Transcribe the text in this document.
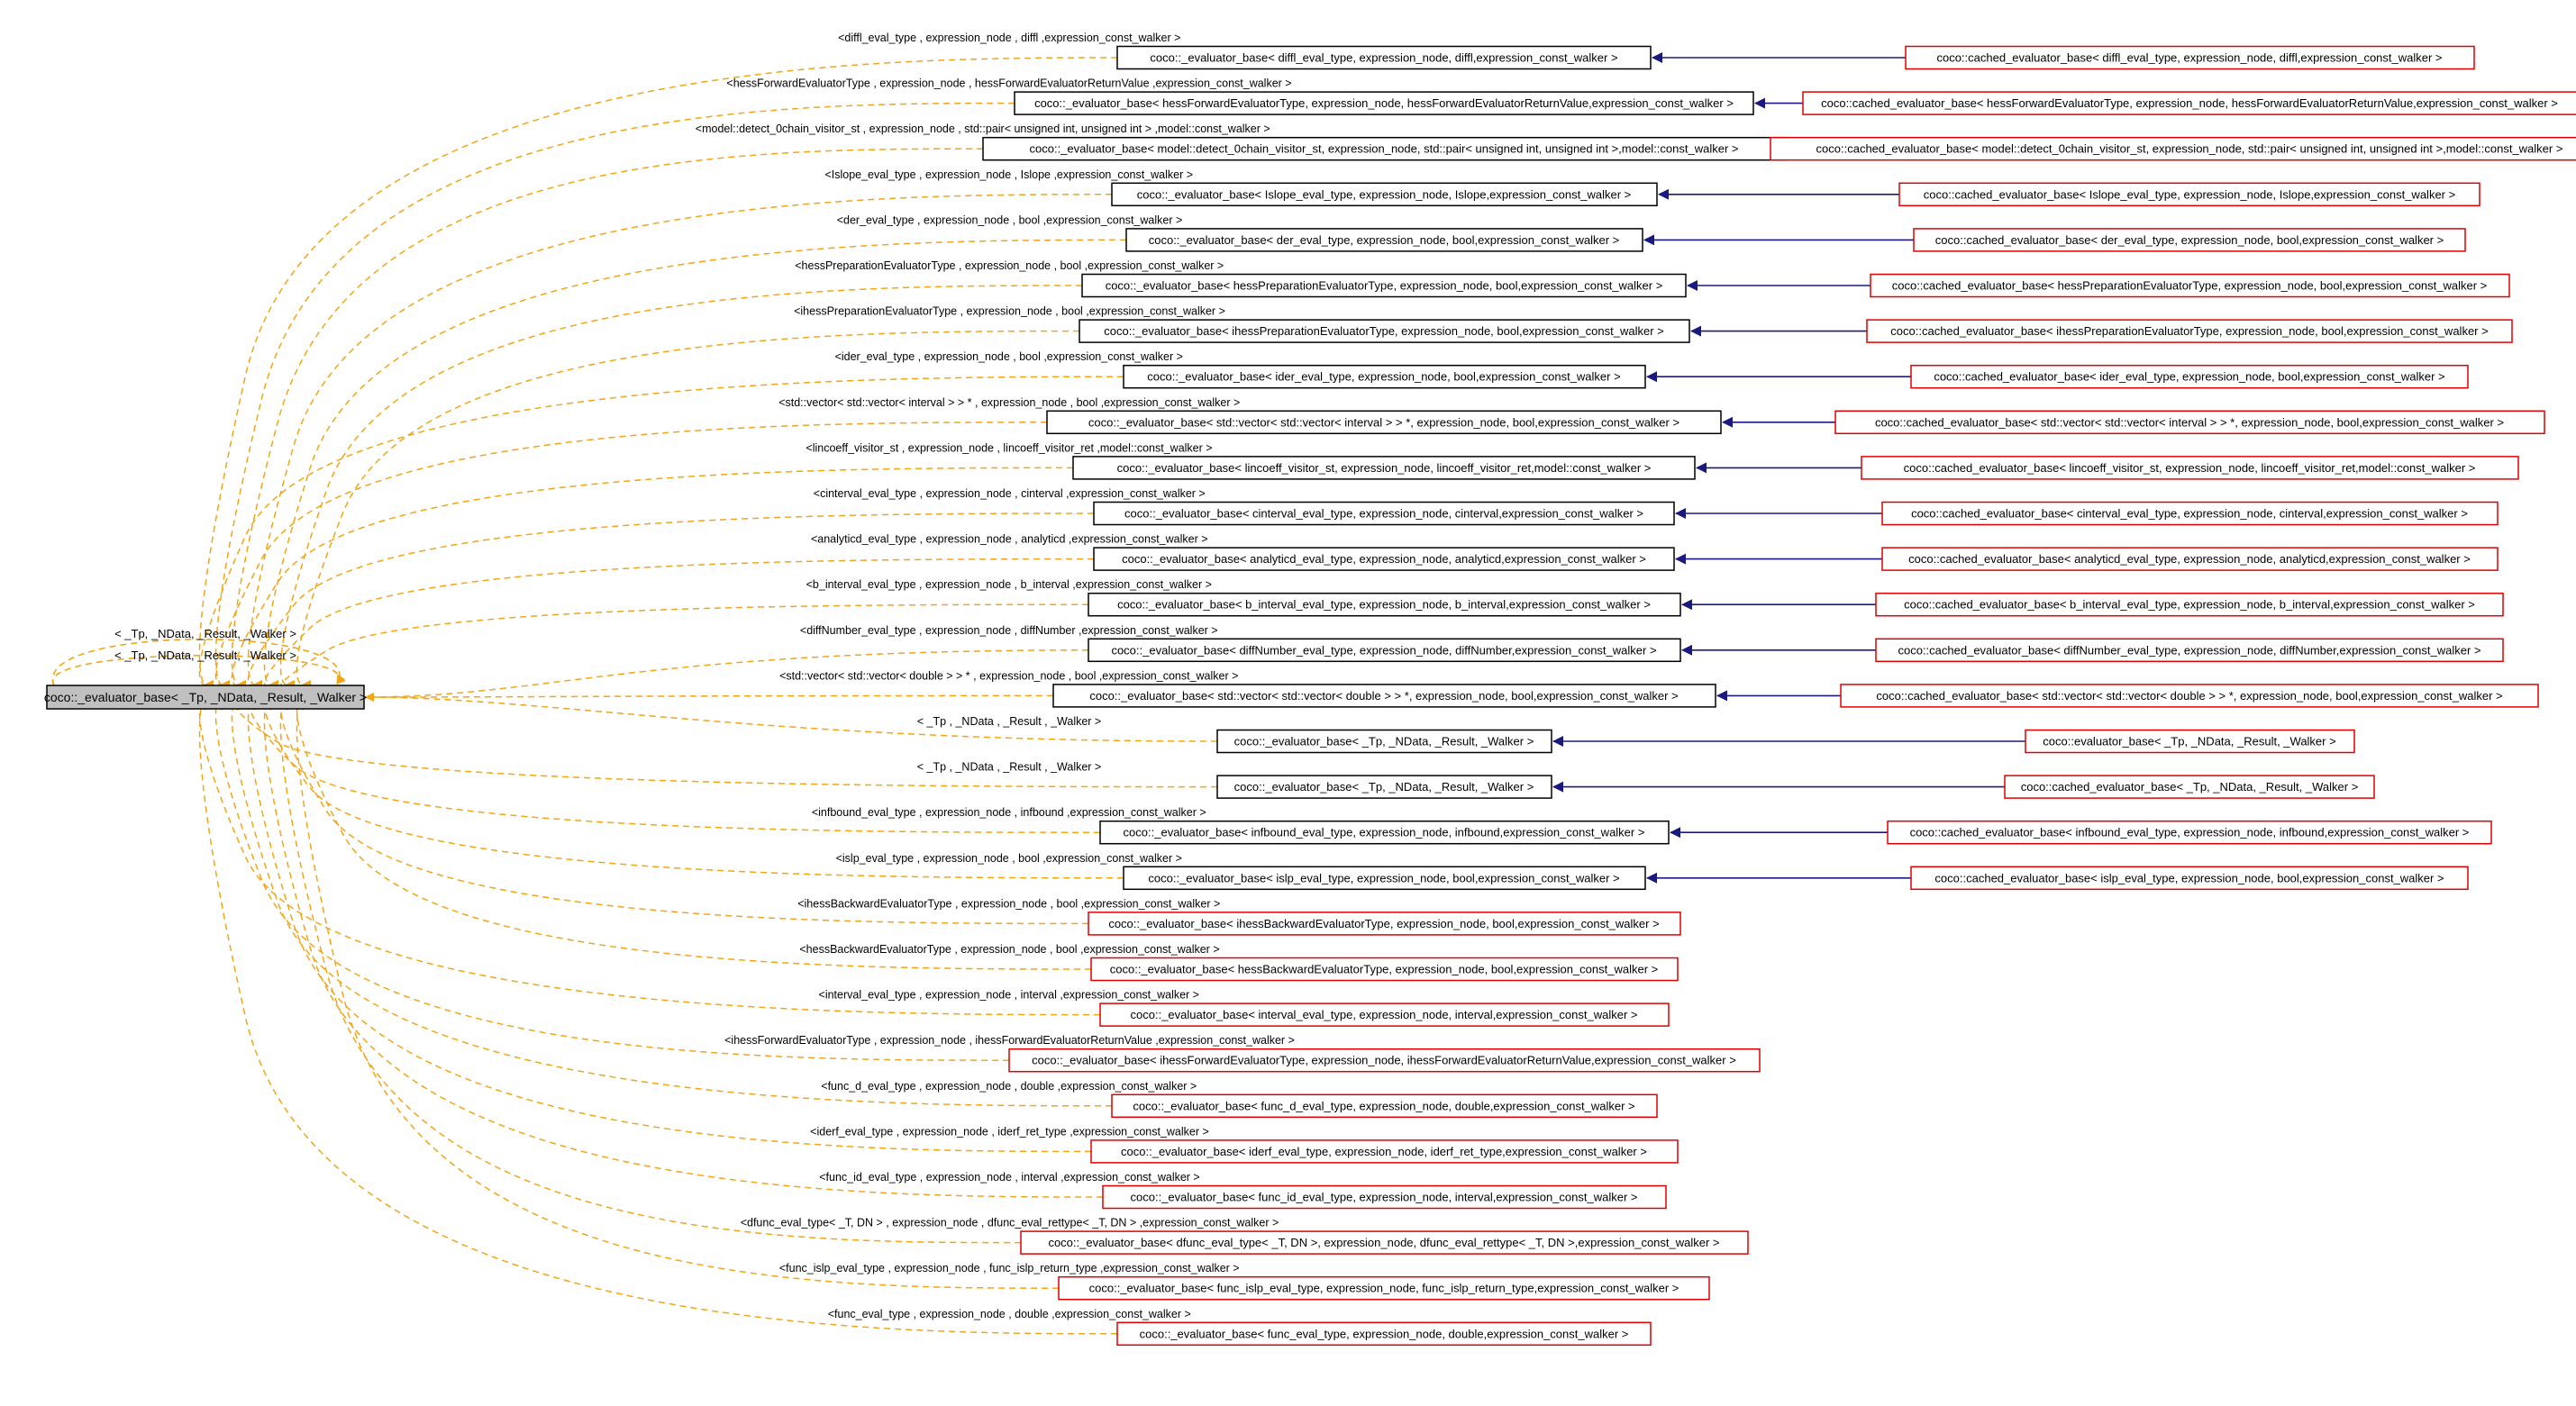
< _Tp, _NData, _Result, _Walker >
< _Tp, _NData, _Result, _Walker >
<diffl_eval_type , expression_node , diffl ,expression_const_walker >
<hessForwardEvaluatorType , expression_node , hessForwardEvaluatorReturnValue ,expression_const_walker >
<model::detect_0chain_visitor_st , expression_node , std::pair< unsigned int, unsigned int > ,model::const_walker >
<Islope_eval_type , expression_node , Islope ,expression_const_walker >
<der_eval_type , expression_node , bool ,expression_const_walker >
<hessPreparationEvaluatorType , expression_node , bool ,expression_const_walker >
<ihessPreparationEvaluatorType , expression_node , bool ,expression_const_walker >
<ider_eval_type , expression_node , bool ,expression_const_walker >
<std::vector< std::vector< interval > > * , expression_node , bool ,expression_const_walker >
<lincoeff_visitor_st , expression_node , lincoeff_visitor_ret ,model::const_walker >
<cinterval_eval_type , expression_node , cinterval ,expression_const_walker >
<analyticd_eval_type , expression_node , analyticd ,expression_const_walker >
<b_interval_eval_type , expression_node , b_interval ,expression_const_walker >
<diffNumber_eval_type , expression_node , diffNumber ,expression_const_walker >
<std::vector< std::vector< double > > * , expression_node , bool ,expression_const_walker >
< _Tp , _NData , _Result , _Walker >
< _Tp , _NData , _Result , _Walker >
<infbound_eval_type , expression_node , infbound ,expression_const_walker >
<islp_eval_type , expression_node , bool ,expression_const_walker >
<ihessBackwardEvaluatorType , expression_node , bool ,expression_const_walker >
<hessBackwardEvaluatorType , expression_node , bool ,expression_const_walker >
<interval_eval_type , expression_node , interval ,expression_const_walker >
<ihessForwardEvaluatorType , expression_node , ihessForwardEvaluatorReturnValue ,expression_const_walker >
<func_d_eval_type , expression_node , double ,expression_const_walker >
<iderf_eval_type , expression_node , iderf_ret_type ,expression_const_walker >
<func_id_eval_type , expression_node , interval ,expression_const_walker >
<dfunc_eval_type< _T, DN > , expression_node , dfunc_eval_rettype< _T, DN > ,expression_const_walker >
<func_islp_eval_type , expression_node , func_islp_return_type ,expression_const_walker >
<func_eval_type , expression_node , double ,expression_const_walker >
coco::_evaluator_base< diffl_eval_type, expression_node, diffl,expression_const_walker >	coco::cached_evaluator_base< diffl_eval_type, expression_node, diffl,expression_const_walker >
coco::_evaluator_base< hessForwardEvaluatorType, expression_node, hessForwardEvaluatorReturnValue,expression_const_walker >	coco::cached_evaluator_base< hessForwardEvaluatorType, expression_node, hessForwardEvaluatorReturnValue,expression_const_walker >
coco::_evaluator_base< model::detect_0chain_visitor_st, expression_node, std::pair< unsigned int, unsigned int >,model::const_walker >	coco::cached_evaluator_base< model::detect_0chain_visitor_st, expression_node, std::pair< unsigned int, unsigned int >,model::const_walker >
coco::_evaluator_base< Islope_eval_type, expression_node, Islope,expression_const_walker >	coco::cached_evaluator_base< Islope_eval_type, expression_node, Islope,expression_const_walker >
coco::_evaluator_base< der_eval_type, expression_node, bool,expression_const_walker >	coco::cached_evaluator_base< der_eval_type, expression_node, bool,expression_const_walker >
coco::_evaluator_base< hessPreparationEvaluatorType, expression_node, bool,expression_const_walker >	coco::cached_evaluator_base< hessPreparationEvaluatorType, expression_node, bool,expression_const_walker >
coco::_evaluator_base< ihessPreparationEvaluatorType, expression_node, bool,expression_const_walker >	coco::cached_evaluator_base< ihessPreparationEvaluatorType, expression_node, bool,expression_const_walker >
coco::_evaluator_base< ider_eval_type, expression_node, bool,expression_const_walker >	coco::cached_evaluator_base< ider_eval_type, expression_node, bool,expression_const_walker >
coco::_evaluator_base< std::vector< std::vector< interval > > *, expression_node, bool,expression_const_walker >	coco::cached_evaluator_base< std::vector< std::vector< interval > > *, expression_node, bool,expression_const_walker >
coco::_evaluator_base< lincoeff_visitor_st, expression_node, lincoeff_visitor_ret,model::const_walker >	coco::cached_evaluator_base< lincoeff_visitor_st, expression_node, lincoeff_visitor_ret,model::const_walker >
coco::_evaluator_base< cinterval_eval_type, expression_node, cinterval,expression_const_walker >	coco::cached_evaluator_base< cinterval_eval_type, expression_node, cinterval,expression_const_walker >
coco::_evaluator_base< analyticd_eval_type, expression_node, analyticd,expression_const_walker >	coco::cached_evaluator_base< analyticd_eval_type, expression_node, analyticd,expression_const_walker >
coco::_evaluator_base< b_interval_eval_type, expression_node, b_interval,expression_const_walker >	coco::cached_evaluator_base< b_interval_eval_type, expression_node, b_interval,expression_const_walker >
coco::_evaluator_base< diffNumber_eval_type, expression_node, diffNumber,expression_const_walker >	coco::cached_evaluator_base< diffNumber_eval_type, expression_node, diffNumber,expression_const_walker >
coco::_evaluator_base< std::vector< std::vector< double > > *, expression_node, bool,expression_const_walker >	coco::cached_evaluator_base< std::vector< std::vector< double > > *, expression_node, bool,expression_const_walker >
coco::_evaluator_base< _Tp, _NData, _Result, _Walker >	coco::evaluator_base< _Tp, _NData, _Result, _Walker >
coco::_evaluator_base< _Tp, _NData, _Result, _Walker >	coco::cached_evaluator_base< _Tp, _NData, _Result, _Walker >
coco::_evaluator_base< infbound_eval_type, expression_node, infbound,expression_const_walker >	coco::cached_evaluator_base< infbound_eval_type, expression_node, infbound,expression_const_walker >
coco::_evaluator_base< islp_eval_type, expression_node, bool,expression_const_walker >	coco::cached_evaluator_base< islp_eval_type, expression_node, bool,expression_const_walker >
coco::_evaluator_base< ihessBackwardEvaluatorType, expression_node, bool,expression_const_walker >
coco::_evaluator_base< hessBackwardEvaluatorType, expression_node, bool,expression_const_walker >
coco::_evaluator_base< interval_eval_type, expression_node, interval,expression_const_walker >
coco::_evaluator_base< ihessForwardEvaluatorType, expression_node, ihessForwardEvaluatorReturnValue,expression_const_walker >
coco::_evaluator_base< func_d_eval_type, expression_node, double,expression_const_walker >
coco::_evaluator_base< iderf_eval_type, expression_node, iderf_ret_type,expression_const_walker >
coco::_evaluator_base< func_id_eval_type, expression_node, interval,expression_const_walker >
coco::_evaluator_base< dfunc_eval_type< _T, DN >, expression_node, dfunc_eval_rettype< _T, DN >,expression_const_walker >
coco::_evaluator_base< func_islp_eval_type, expression_node, func_islp_return_type,expression_const_walker >
coco::_evaluator_base< func_eval_type, expression_node, double,expression_const_walker >
coco::_evaluator_base< _Tp, _NData, _Result, _Walker >
